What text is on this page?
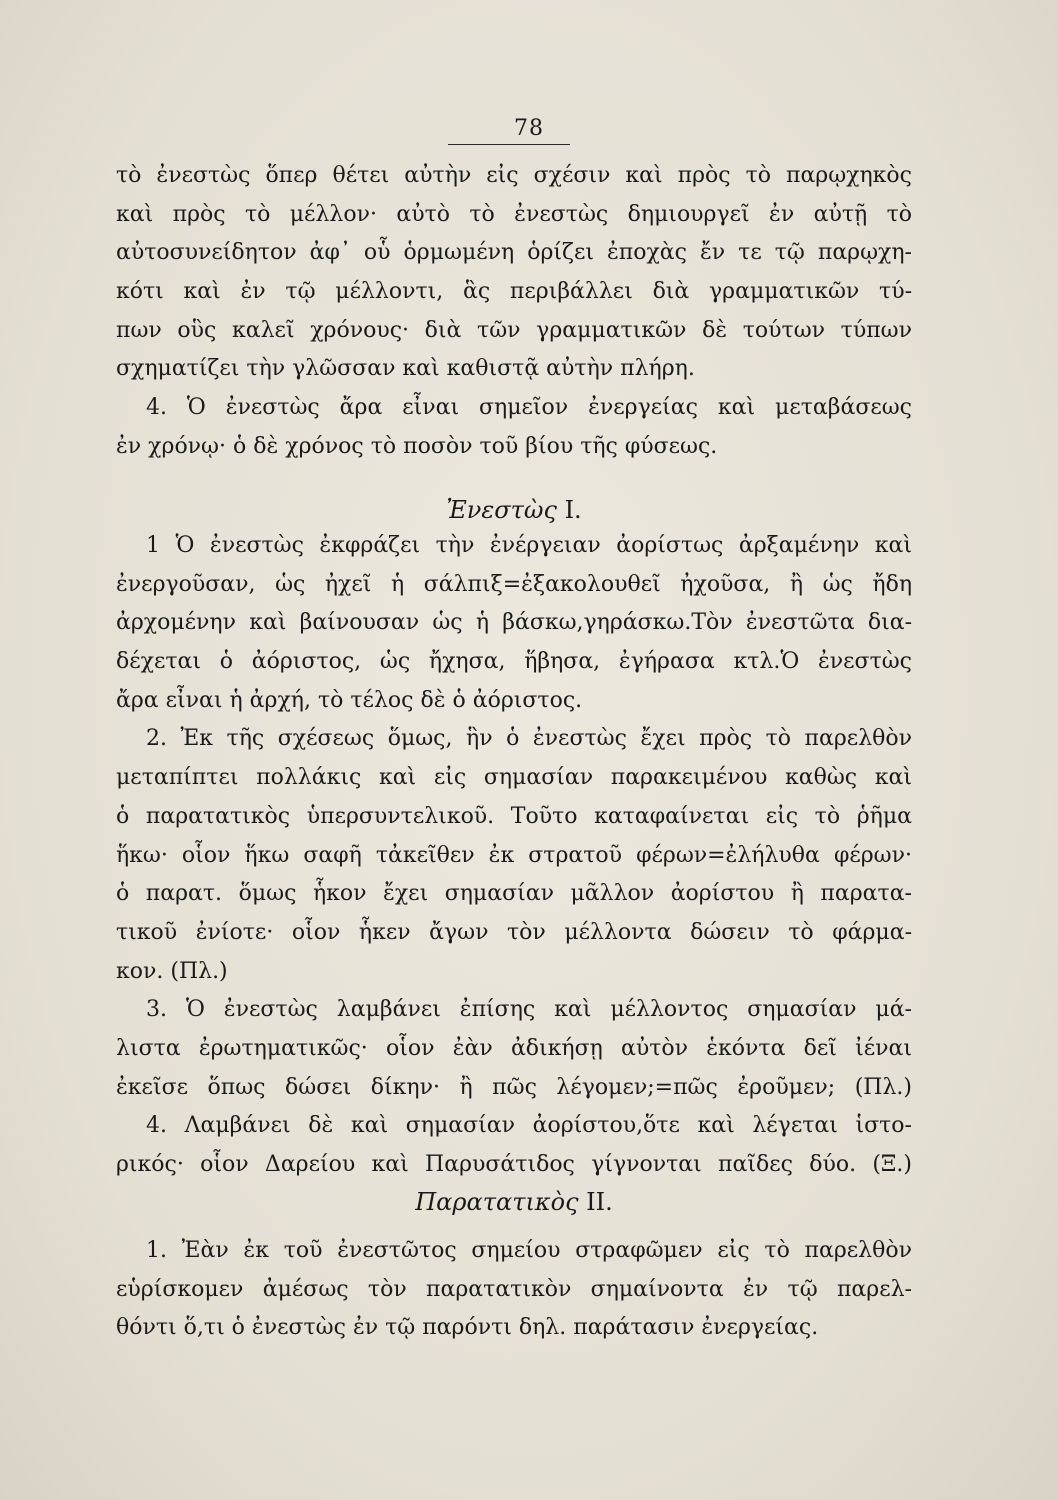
78
τὸ ἐνεστὼς ὅπερ θέτει αὐτὴν εἰς σχέσιν καὶ πρὸς τὸ παρῳχηκὸς
καὶ πρὸς τὸ μέλλον· αὐτὸ τὸ ἐνεστὼς δημιουργεῖ ἐν αὐτῇ τὸ
αὐτοσυνείδητον ἀφ᾽ οὗ ὁρμωμένη ὁρίζει ἐποχὰς ἔν τε τῷ παρῳχη-
κότι καὶ ἐν τῷ μέλλοντι, ἃς περιβάλλει διὰ γραμματικῶν τύ-
πων οὓς καλεῖ χρόνους· διὰ τῶν γραμματικῶν δὲ τούτων τύπων
σχηματίζει τὴν γλῶσσαν καὶ καθιστᾷ αὐτὴν πλήρη.
4. Ὁ ἐνεστὼς ἄρα εἶναι σημεῖον ἐνεργείας καὶ μεταβάσεως
ἐν χρόνῳ· ὁ δὲ χρόνος τὸ ποσὸν τοῦ βίου τῆς φύσεως.
Ἐνεστὼς I.
1 Ὁ ἐνεστὼς ἐκφράζει τὴν ἐνέργειαν ἀορίστως ἀρξαμένην καὶ
ἐνεργοῦσαν, ὡς ἠχεῖ ἡ σάλπιξ=ἐξακολουθεῖ ἠχοῦσα, ἢ ὡς ἤδη
ἀρχομένην καὶ βαίνουσαν ὡς ἡ βάσκω,γηράσκω.Τὸν ἐνεστῶτα δια-
δέχεται ὁ ἀόριστος, ὡς ἤχησα, ἥβησα, ἐγήρασα κτλ.Ὁ ἐνεστὼς
ἄρα εἶναι ἡ ἀρχή, τὸ τέλος δὲ ὁ ἀόριστος.
2. Ἐκ τῆς σχέσεως ὅμως, ἣν ὁ ἐνεστὼς ἔχει πρὸς τὸ παρελθὸν
μεταπίπτει πολλάκις καὶ εἰς σημασίαν παρακειμένου καθὼς καὶ
ὁ παρατατικὸς ὑπερσυντελικοῦ. Τοῦτο καταφαίνεται εἰς τὸ ῥῆμα
ἥκω· οἷον ἥκω σαφῆ τἀκεῖθεν ἐκ στρατοῦ φέρων=ἐλήλυθα φέρων·
ὁ παρατ. ὅμως ἧκον ἔχει σημασίαν μᾶλλον ἀορίστου ἢ παρατα-
τικοῦ ἐνίοτε· οἷον ἧκεν ἄγων τὸν μέλλοντα δώσειν τὸ φάρμα-
κον. (Πλ.)
3. Ὁ ἐνεστὼς λαμβάνει ἐπίσης καὶ μέλλοντος σημασίαν μά-
λιστα ἐρωτηματικῶς· οἷον ἐὰν ἀδικήσῃ αὐτὸν ἑκόντα δεῖ ἰέναι
ἐκεῖσε ὅπως δώσει δίκην· ἢ πῶς λέγομεν;=πῶς ἐροῦμεν; (Πλ.)
4. Λαμβάνει δὲ καὶ σημασίαν ἀορίστου,ὅτε καὶ λέγεται ἱστο-
ρικός· οἷον Δαρείου καὶ Παρυσάτιδος γίγνονται παῖδες δύο. (Ξ.)
Παρατατικὸς II.
1. Ἐὰν ἐκ τοῦ ἐνεστῶτος σημείου στραφῶμεν εἰς τὸ παρελθὸν
εὑρίσκομεν ἀμέσως τὸν παρατατικὸν σημαίνοντα ἐν τῷ παρελ-
θόντι ὅ,τι ὁ ἐνεστὼς ἐν τῷ παρόντι δηλ. παράτασιν ἐνεργείας.
